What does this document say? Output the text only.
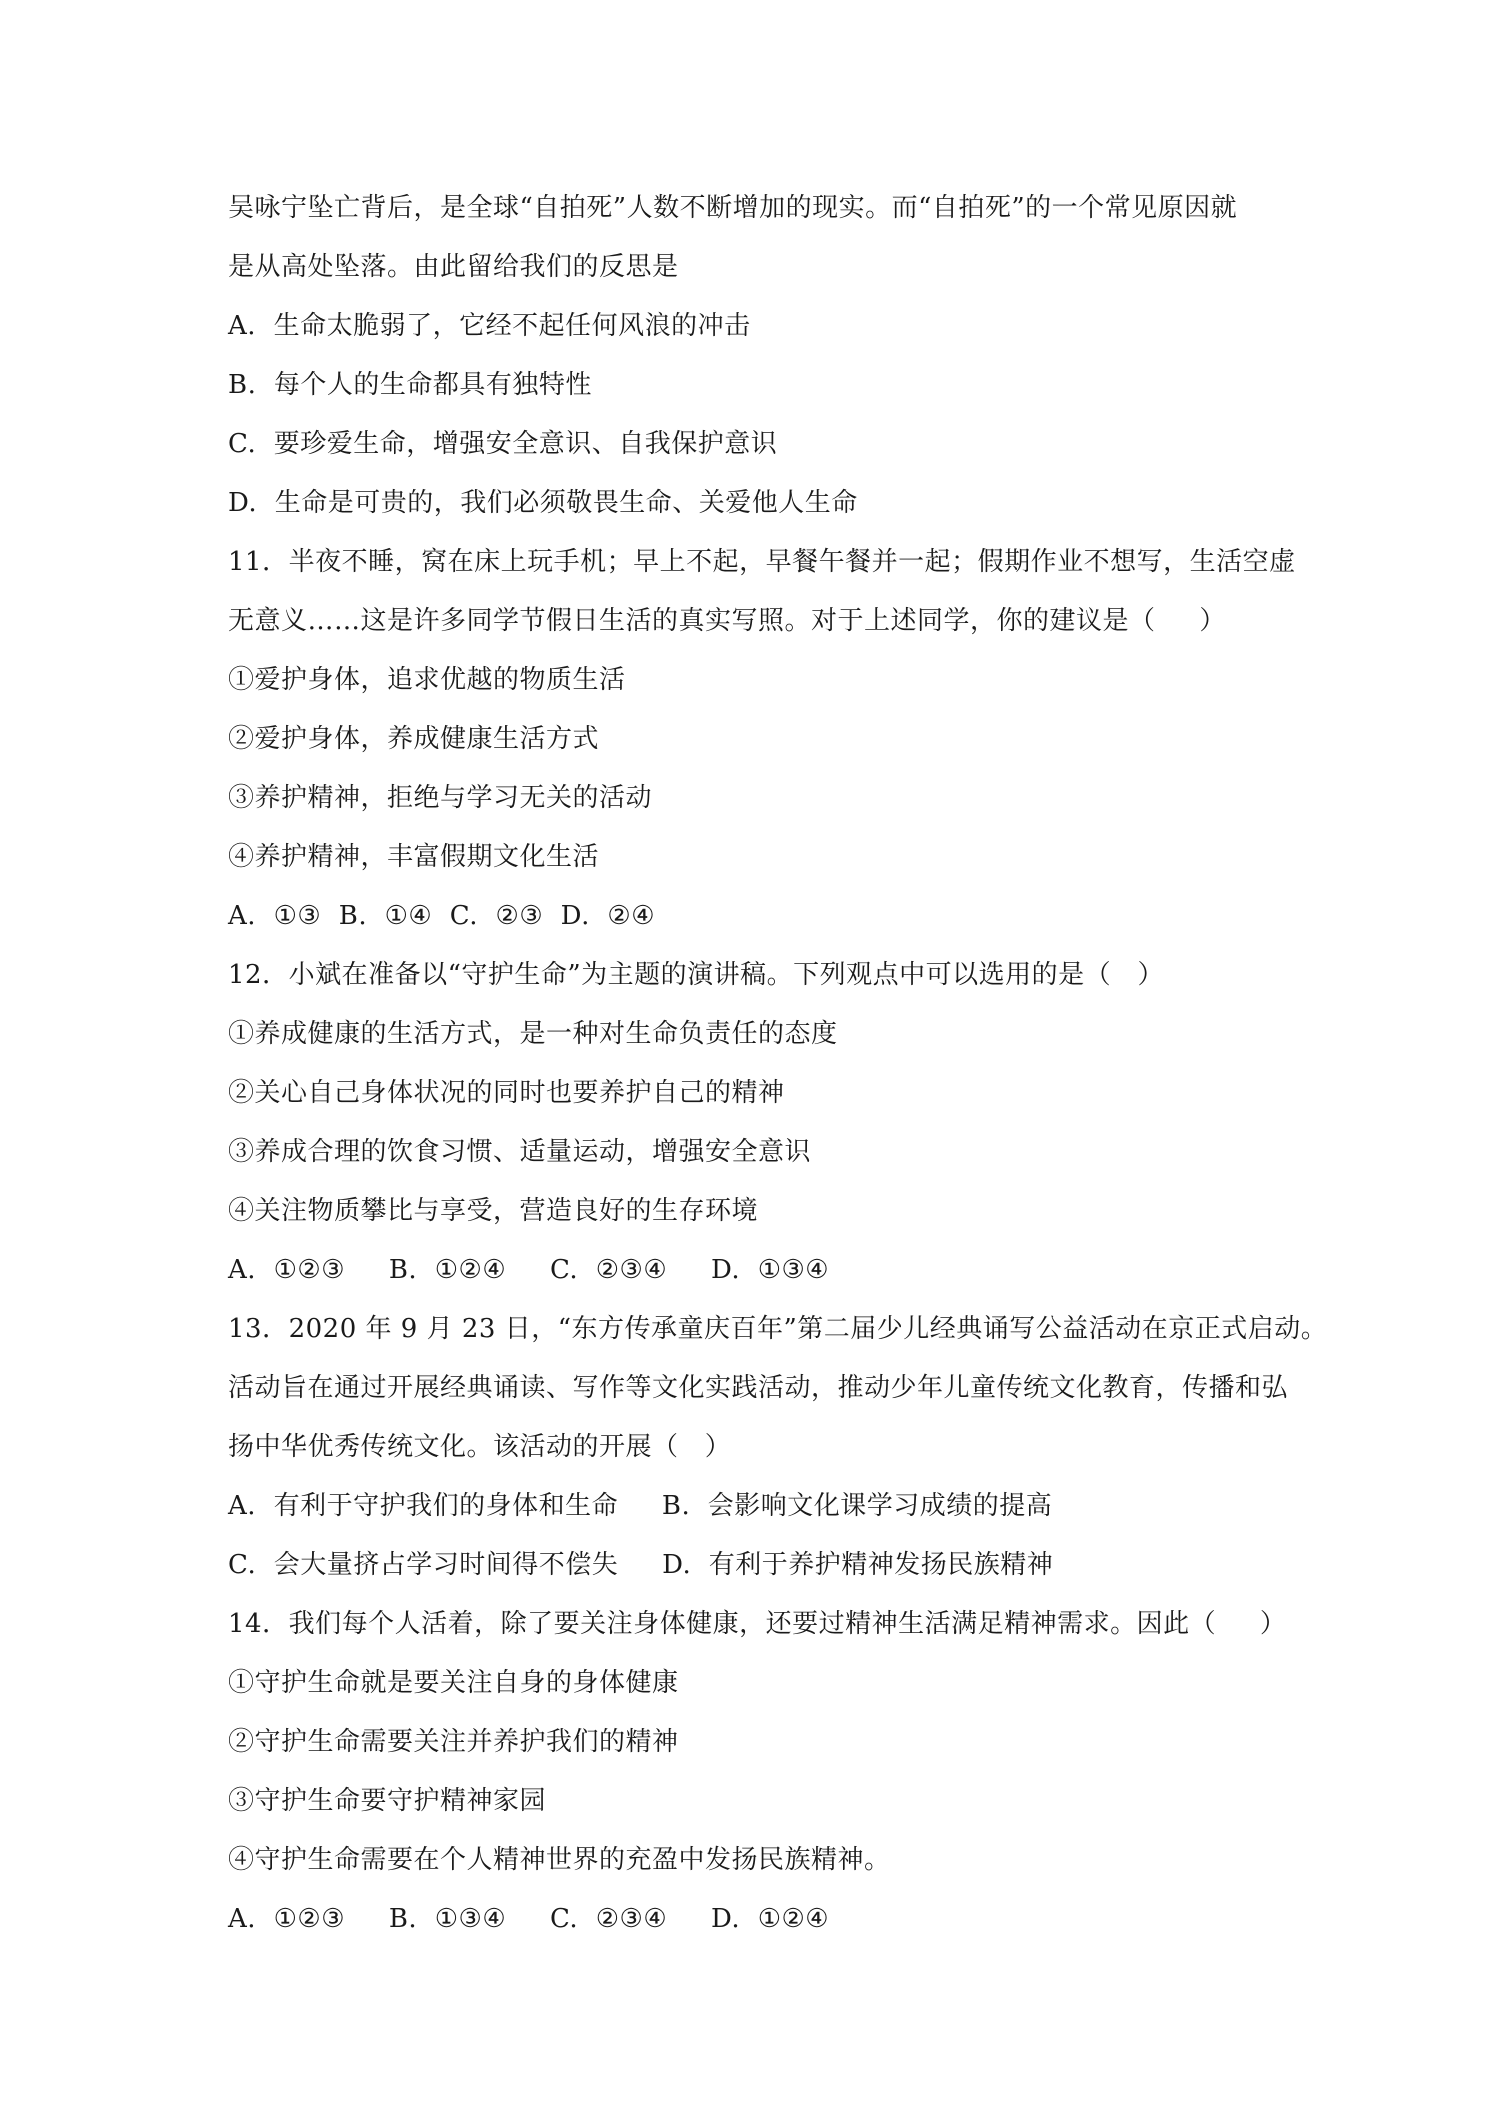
吴咏宁坠亡背后，是全球“自拍死”人数不断增加的现实。而“自拍死”的一个常见原因就
是从高处坠落。由此留给我们的反思是
A.  生命太脆弱了，它经不起任何风浪的冲击
B.  每个人的生命都具有独特性
C.  要珍爱生命，增强安全意识、自我保护意识
D.  生命是可贵的，我们必须敬畏生命、关爱他人生命
11．半夜不睡，窝在床上玩手机；早上不起，早餐午餐并一起；假期作业不想写，生活空虚
无意义……这是许多同学节假日生活的真实写照。对于上述同学，你的建议是（     ）
①爱护身体，追求优越的物质生活
②爱护身体，养成健康生活方式
③养护精神，拒绝与学习无关的活动
④养护精神，丰富假期文化生活
A.  ①③  B.  ①④  C.  ②③  D.  ②④
12．小斌在准备以“守护生命”为主题的演讲稿。下列观点中可以选用的是（   ）
①养成健康的生活方式，是一种对生命负责任的态度
②关心自己身体状况的同时也要养护自己的精神
③养成合理的饮食习惯、适量运动，增强安全意识
④关注物质攀比与享受，营造良好的生存环境
A.  ①②③     B.  ①②④     C.  ②③④     D.  ①③④
13．2020 年 9 月 23 日，“东方传承童庆百年”第二届少儿经典诵写公益活动在京正式启动。
活动旨在通过开展经典诵读、写作等文化实践活动，推动少年儿童传统文化教育，传播和弘
扬中华优秀传统文化。该活动的开展（   ）
A.  有利于守护我们的身体和生命     B.  会影响文化课学习成绩的提高
C.  会大量挤占学习时间得不偿失     D.  有利于养护精神发扬民族精神
14．我们每个人活着，除了要关注身体健康，还要过精神生活满足精神需求。因此（     ）
①守护生命就是要关注自身的身体健康
②守护生命需要关注并养护我们的精神
③守护生命要守护精神家园
④守护生命需要在个人精神世界的充盈中发扬民族精神。
A.  ①②③     B.  ①③④     C.  ②③④     D.  ①②④
